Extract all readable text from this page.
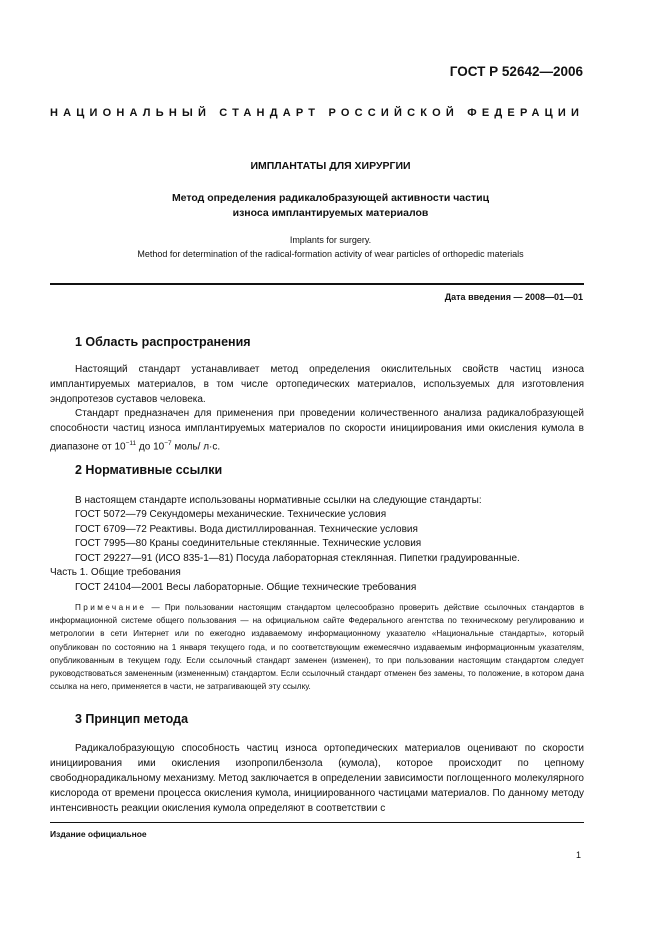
ГОСТ Р 52642—2006
НАЦИОНАЛЬНЫЙ СТАНДАРТ РОССИЙСКОЙ ФЕДЕРАЦИИ
ИМПЛАНТАТЫ ДЛЯ ХИРУРГИИ
Метод определения радикалобразующей активности частиц
износа имплантируемых материалов
Implants for surgery.
Method for determination of the radical-formation activity of wear particles of orthopedic materials
Дата введения — 2008—01—01
1 Область распространения

Настоящий стандарт устанавливает метод определения окислительных свойств частиц износа имплантируемых материалов, в том числе ортопедических материалов, используемых для изготовления эндопротезов суставов человека.

Стандарт предназначен для применения при проведении количественного анализа радикалобразующей способности частиц износа имплантируемых материалов по скорости инициирования ими окисления кумола в диапазоне от $10^{-11}$ до $10^{-7}$ моль/ л·с.

2 Нормативные ссылки
В настоящем стандарте использованы нормативные ссылки на следующие стандарты:
ГОСТ 5072—79 Секундомеры механические. Технические условия
ГОСТ 6709—72 Реактивы. Вода дистиллированная. Технические условия
ГОСТ 7995—80 Краны соединительные стеклянные. Технические условия
ГОСТ 29227—91 (ИСО 835-1—81) Посуда лабораторная стеклянная. Пипетки градуированные.
Часть 1. Общие требования
ГОСТ 24104—2001 Весы лабораторные. Общие технические требования

Примечание — При пользовании настоящим стандартом целесообразно проверить действие ссылочных стандартов в информационной системе общего пользования — на официальном сайте Федерального агентства по техническому регулированию и метрологии в сети Интернет или по ежегодно издаваемому информационному указателю «Национальные стандарты», который опубликован по состоянию на 1 января текущего года, и по соответствующим ежемесячно издаваемым информационным указателям, опубликованным в текущем году. Если ссылочный стандарт заменен (изменен), то при пользовании настоящим стандартом следует руководствоваться замененным (измененным) стандартом. Если ссылочный стандарт отменен без замены, то положение, в котором дана ссылка на него, применяется в части, не затрагивающей эту ссылку.

3 Принцип метода

Радикалобразующую способность частиц износа ортопедических материалов оценивают по скорости инициирования ими окисления изопропилбензола (кумола), которое происходит по цепному свободнорадикальному механизму. Метод заключается в определении зависимости поглощенного молекулярного кислорода от времени процесса окисления кумола, инициированного частицами материалов. По данному методу интенсивность реакции окисления кумола определяют в соответствии с

Издание официальное
1
